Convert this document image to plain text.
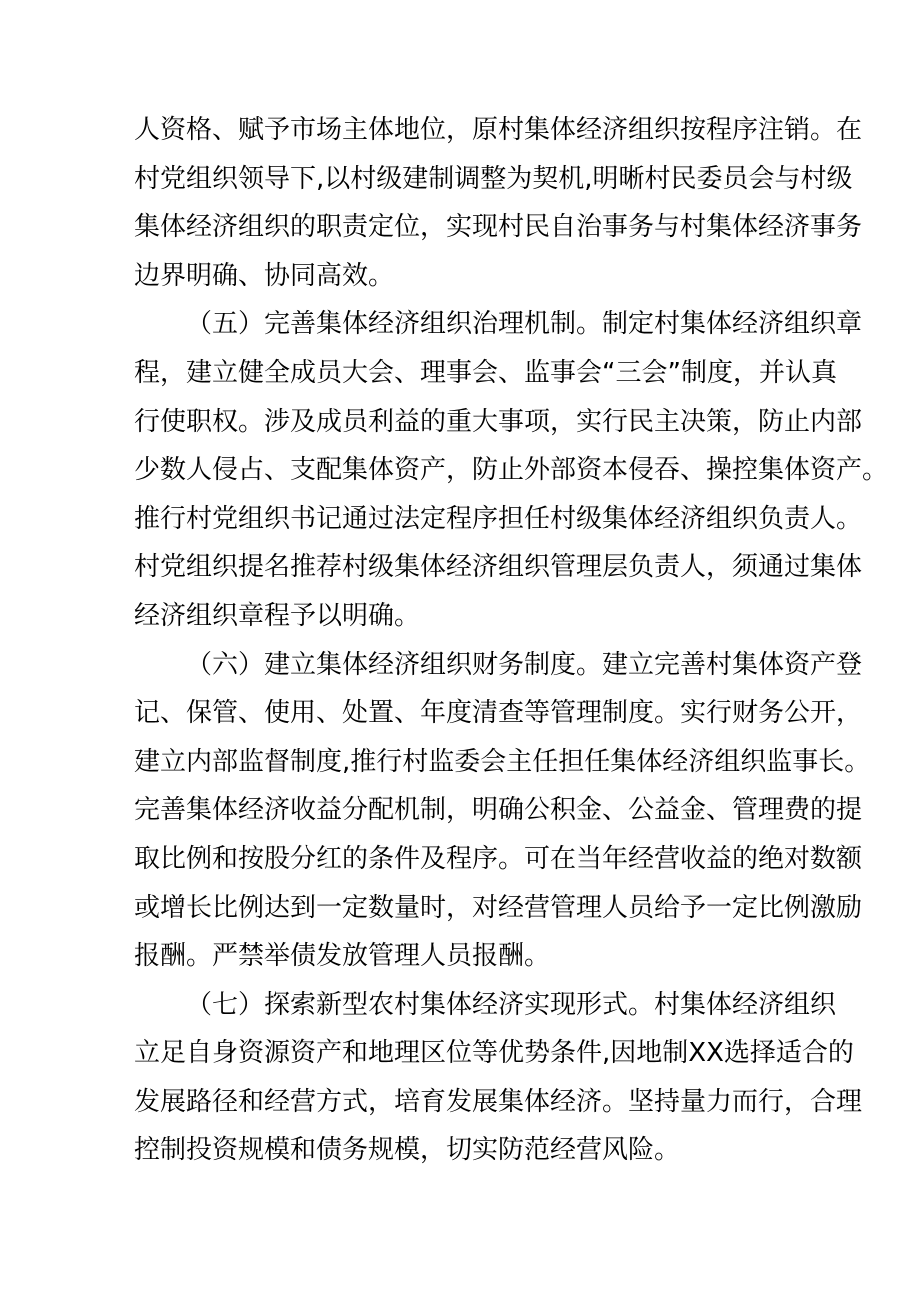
人资格、赋予市场主体地位，原村集体经济组织按程序注销。在
村党组织领导下,以村级建制调整为契机,明晰村民委员会与村级
集体经济组织的职责定位，实现村民自治事务与村集体经济事务
边界明确、协同高效。
（五）完善集体经济组织治理机制。制定村集体经济组织章
程，建立健全成员大会、理事会、监事会“三会”制度，并认真
行使职权。涉及成员利益的重大事项，实行民主决策，防止内部
少数人侵占、支配集体资产，防止外部资本侵吞、操控集体资产。
推行村党组织书记通过法定程序担任村级集体经济组织负责人。
村党组织提名推荐村级集体经济组织管理层负责人，须通过集体
经济组织章程予以明确。
（六）建立集体经济组织财务制度。建立完善村集体资产登
记、保管、使用、处置、年度清查等管理制度。实行财务公开，
建立内部监督制度,推行村监委会主任担任集体经济组织监事长。
完善集体经济收益分配机制，明确公积金、公益金、管理费的提
取比例和按股分红的条件及程序。可在当年经营收益的绝对数额
或增长比例达到一定数量时，对经营管理人员给予一定比例激励
报酬。严禁举债发放管理人员报酬。
（七）探索新型农村集体经济实现形式。村集体经济组织
立足自身资源资产和地理区位等优势条件,因地制XX选择适合的
发展路径和经营方式，培育发展集体经济。坚持量力而行，合理
控制投资规模和债务规模，切实防范经营风险。
